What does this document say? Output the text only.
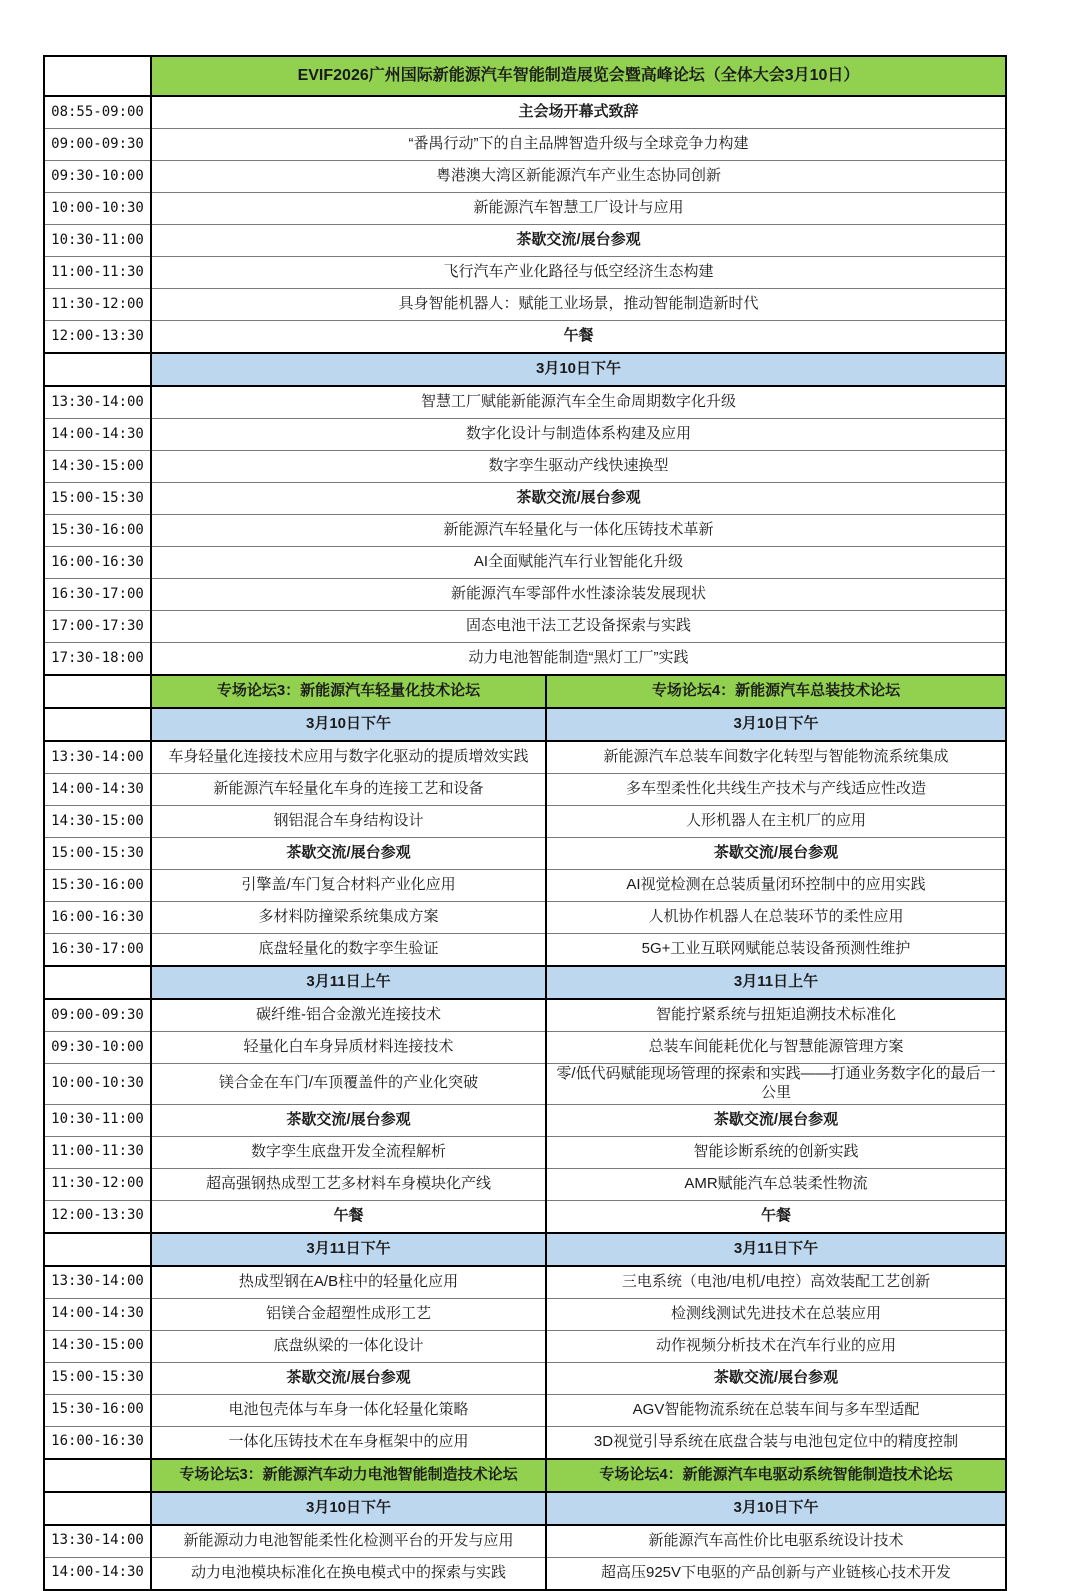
	EVIF2026广州国际新能源汽车智能制造展览会暨高峰论坛（全体大会3月10日）	
08:55-09:00	主会场开幕式致辞	
09:00-09:30	“番禺行动”下的自主品牌智造升级与全球竞争力构建	
09:30-10:00	粤港澳大湾区新能源汽车产业生态协同创新	
10:00-10:30	新能源汽车智慧工厂设计与应用	
10:30-11:00	茶歇交流/展台参观	
11:00-11:30	飞行汽车产业化路径与低空经济生态构建	
11:30-12:00	具身智能机器人：赋能工业场景，推动智能制造新时代	
12:00-13:30	午餐	
	3月10日下午	
13:30-14:00	智慧工厂赋能新能源汽车全生命周期数字化升级	
14:00-14:30	数字化设计与制造体系构建及应用	
14:30-15:00	数字孪生驱动产线快速换型	
15:00-15:30	茶歇交流/展台参观	
15:30-16:00	新能源汽车轻量化与一体化压铸技术革新	
16:00-16:30	AI全面赋能汽车行业智能化升级	
16:30-17:00	新能源汽车零部件水性漆涂装发展现状	
17:00-17:30	固态电池干法工艺设备探索与实践	
17:30-18:00	动力电池智能制造“黑灯工厂”实践	
	专场论坛3：新能源汽车轻量化技术论坛	专场论坛4：新能源汽车总装技术论坛
	3月10日下午	3月10日下午
13:30-14:00	车身轻量化连接技术应用与数字化驱动的提质增效实践	新能源汽车总装车间数字化转型与智能物流系统集成
14:00-14:30	新能源汽车轻量化车身的连接工艺和设备	多车型柔性化共线生产技术与产线适应性改造
14:30-15:00	钢铝混合车身结构设计	人形机器人在主机厂的应用
15:00-15:30	茶歇交流/展台参观	茶歇交流/展台参观
15:30-16:00	引擎盖/车门复合材料产业化应用	AI视觉检测在总装质量闭环控制中的应用实践
16:00-16:30	多材料防撞梁系统集成方案	人机协作机器人在总装环节的柔性应用
16:30-17:00	底盘轻量化的数字孪生验证	5G+工业互联网赋能总装设备预测性维护
	3月11日上午	3月11日上午
09:00-09:30	碳纤维-铝合金激光连接技术	智能拧紧系统与扭矩追溯技术标准化
09:30-10:00	轻量化白车身异质材料连接技术	总装车间能耗优化与智慧能源管理方案
10:00-10:30	镁合金在车门/车顶覆盖件的产业化突破	零/低代码赋能现场管理的探索和实践——打通业务数字化的最后一公里
10:30-11:00	茶歇交流/展台参观	茶歇交流/展台参观
11:00-11:30	数字孪生底盘开发全流程解析	智能诊断系统的创新实践
11:30-12:00	超高强钢热成型工艺多材料车身模块化产线	AMR赋能汽车总装柔性物流
12:00-13:30	午餐	午餐
	3月11日下午	3月11日下午
13:30-14:00	热成型钢在A/B柱中的轻量化应用	三电系统（电池/电机/电控）高效装配工艺创新
14:00-14:30	铝镁合金超塑性成形工艺	检测线测试先进技术在总装应用
14:30-15:00	底盘纵梁的一体化设计	动作视频分析技术在汽车行业的应用
15:00-15:30	茶歇交流/展台参观	茶歇交流/展台参观
15:30-16:00	电池包壳体与车身一体化轻量化策略	AGV智能物流系统在总装车间与多车型适配
16:00-16:30	一体化压铸技术在车身框架中的应用	3D视觉引导系统在底盘合装与电池包定位中的精度控制
	专场论坛3：新能源汽车动力电池智能制造技术论坛	专场论坛4：新能源汽车电驱动系统智能制造技术论坛
	3月10日下午	3月10日下午
13:30-14:00	新能源动力电池智能柔性化检测平台的开发与应用	新能源汽车高性价比电驱系统设计技术
14:00-14:30	动力电池模块标准化在换电模式中的探索与实践	超高压925V下电驱的产品创新与产业链核心技术开发
